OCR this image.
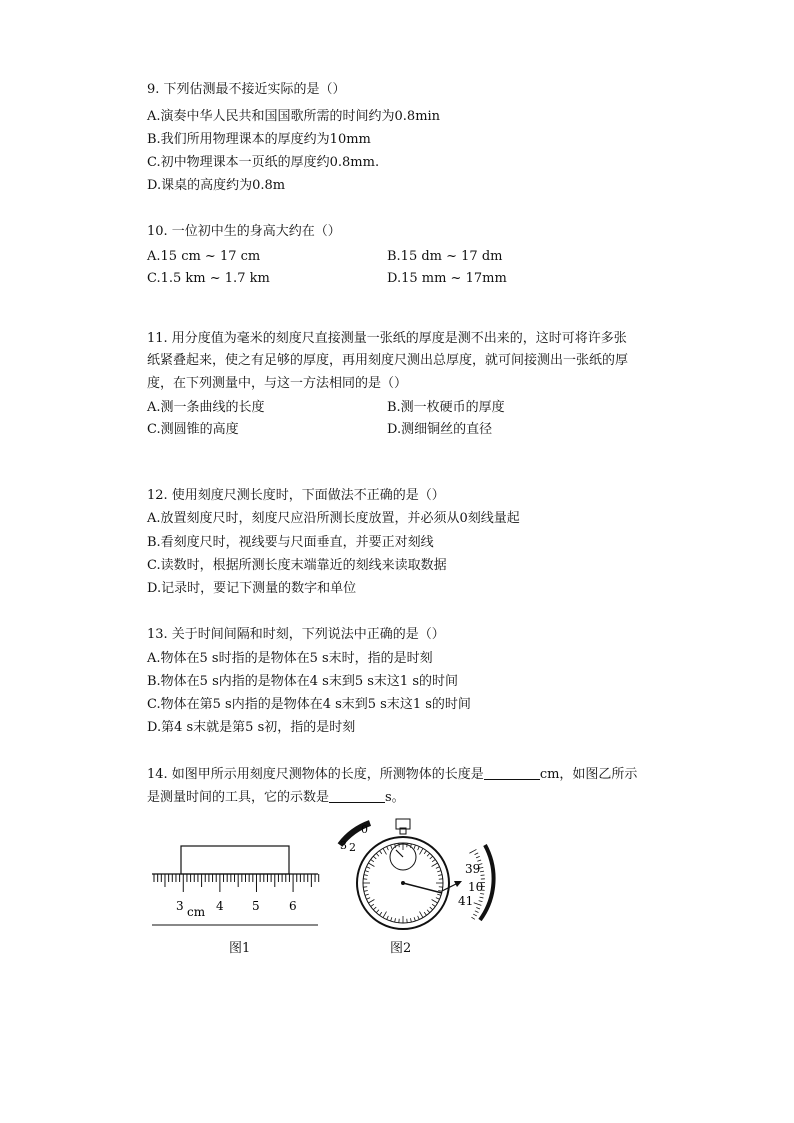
9. 下列估测最不接近实际的是（）
A.演奏中华人民共和国国歌所需的时间约为0.8min
B.我们所用物理课本的厚度约为10mm
C.初中物理课本一页纸的厚度约0.8mm.
D.课桌的高度约为0.8m
10. 一位初中生的身高大约在（）
A.15 cm ~ 17 cm	B.15 dm ~ 17 dm
C.1.5 km ~ 1.7 km	D.15 mm ~ 17mm
11. 用分度值为毫米的刻度尺直接测量一张纸的厚度是测不出来的，这时可将许多张
纸紧叠起来，使之有足够的厚度，再用刻度尺测出总厚度，就可间接测出一张纸的厚
度，在下列测量中，与这一方法相同的是（）
A.测一条曲线的长度	B.测一枚硬币的厚度
C.测圆锥的高度	D.测细铜丝的直径
12. 使用刻度尺测长度时，下面做法不正确的是（）
A.放置刻度尺时，刻度尺应沿所测长度放置，并必须从0刻线量起
B.看刻度尺时，视线要与尺面垂直，并要正对刻线
C.读数时，根据所测长度末端靠近的刻线来读取数据
D.记录时，要记下测量的数字和单位
13. 关于时间间隔和时刻，下列说法中正确的是（）
A.物体在5 s时指的是物体在5 s末时，指的是时刻
B.物体在5 s内指的是物体在4 s末到5 s末这1 s的时间
C.物体在第5 s内指的是物体在4 s末到5 s末这1 s的时间
D.第4 s末就是第5 s初，指的是时刻
14. 如图甲所示用刻度尺测物体的长度，所测物体的长度是	cm，如图乙所示
是测量时间的工具，它的示数是	s。
3	4 5 6
cm
图1
0
3 2
39
10
41
图2
